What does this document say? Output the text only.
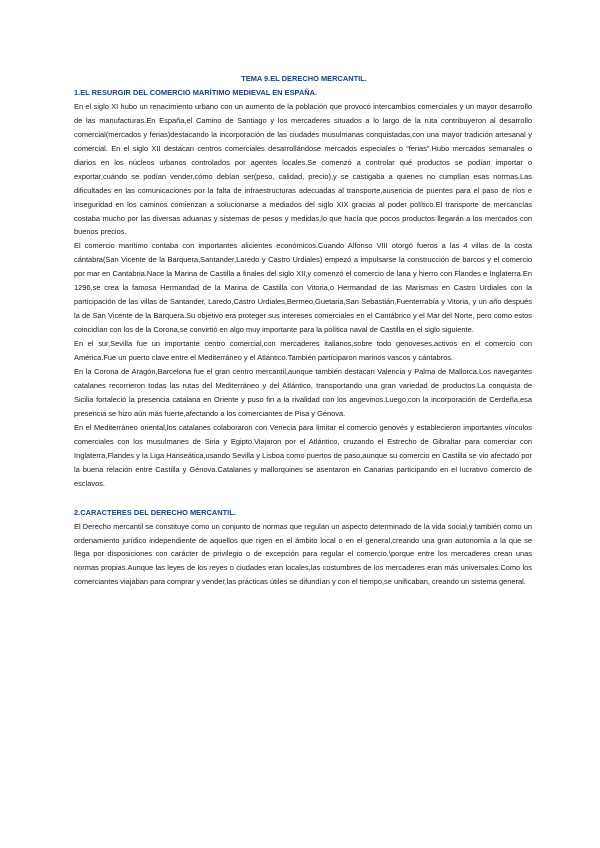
TEMA 9.EL DERECHO MERCANTIL.

1.EL RESURGIR DEL COMERCIO MARÍTIMO MEDIEVAL EN ESPAÑA.

En el siglo XI hubo un renacimiento urbano con un aumento de la población que provocó intercambios comerciales y un mayor desarrollo de las manufacturas.En España,el Camino de Santiago y los mercaderes situados a lo largo de la ruta contribuyeron al desarrollo comercial(mercados y ferias)destacando la incorporación de las ciudades musulmanas conquistadas,con una mayor tradición artesanal y comercial. En el siglo XII destacan centros comerciales desarrollándose mercados especiales o “ferias”.Hubo mercados semanales o diarios en los núcleos urbanos controlados por agentes locales.Se comenzó a controlar qué productos se podían importar o exportar,cuándo se podían vender,cómo debían ser(peso, calidad, precio),y se castigaba a quienes no cumplían esas normas.Las dificultades en las comunicaciones por la falta de infraestructuras adecuadas al transporte,ausencia de puentes para el paso de ríos e inseguridad en los caminos comienzan a solucionarse a mediados del siglo XIX gracias al poder político.El transporte de mercancías costaba mucho por las diversas aduanas y sistemas de pesos y medidas,lo que hacía que pocos productos llegarán a los mercados con buenos precios.

El comercio marítimo contaba con importantes alicientes económicos.Cuando Alfonso VIII otorgó fueros a las 4 villas de la costa cántabra(San Vicente de la Barquera,Santander,Laredo y Castro Urdiales) empezó a impulsarse la construcción de barcos y el comercio por mar en Cantabria.Nace la Marina de Castilla a finales del siglo XII,y comenzó el comercio de lana y hierro con Flandes e Inglaterra.En 1296,se crea la famosa Hermandad de la Marina de Castilla con Vitoria,o Hermandad de las Marismas en Castro Urdiales con la participación de las villas de Santander, Laredo,Castro Urdiales,Bermeo,Guetaria,San Sebastián,Fuenterrabía y Vitoria, y un año después la de San Vicente de la Barquera.Su objetivo era proteger sus intereses comerciales en el Cantábrico y el Mar del Norte, pero como estos coincidían con los de la Corona,se convirtió en algo muy importante para la política naval de Castilla en el siglo siguiente.

En el sur,Sevilla fue un importante centro comercial,con mercaderes italianos,sobre todo genoveses,activos en el comercio con América.Fue un puerto clave entre el Mediterráneo y el Atlántico.También participaron marinos vascos y cántabros.

En la Corona de Aragón,Barcelona fue el gran centro mercantil,aunque también destacan Valencia y Palma de Mallorca.Los navegantes catalanes recorrieron todas las rutas del Mediterráneo y del Atlántico, transportando una gran variedad de productos.La conquista de Sicilia fortaleció la presencia catalana en Oriente y puso fin a la rivalidad con los angevinos.Luego,con la incorporación de Cerdeña,esa presencia se hizo aún más fuerte,afectando a los comerciantes de Pisa y Génova.

En el Mediterráneo oriental,los catalanes colaboraron con Venecia para limitar el comercio genovés y establecieron importantes vínculos comerciales con los musulmanes de Siria y Egipto.Viajaron por el Atlántico, cruzando el Estrecho de Gibraltar para comerciar con Inglaterra,Flandes y la Liga Hanseática,usando Sevilla y Lisboa como puertos de paso,aunque su comercio en Castilla se vio afectado por la buena relación entre Castilla y Génova.Catalanes y mallorquines se asentaron en Canarias participando en el lucrativo comercio de esclavos.

2.CARACTERES DEL DERECHO MERCANTIL.

El Derecho mercantil se constituye como un conjunto de normas que regulan un aspecto determinado de la vida social,y también como un ordenamiento jurídico independiente de aquellos que rigen en el ámbito local o en el general,creando una gran autonomía a la que se llega por disposiciones con carácter de privilegio o de excepción para regular el comercio.\porque entre los mercaderes crean unas normas propias.Aunque las leyes de los reyes o ciudades eran locales,las costumbres de los mercaderes eran más universales.Como los comerciantes viajaban para comprar y vender,las prácticas útiles se difundían y con el tiempo,se unificaban, creando un sistema general.
